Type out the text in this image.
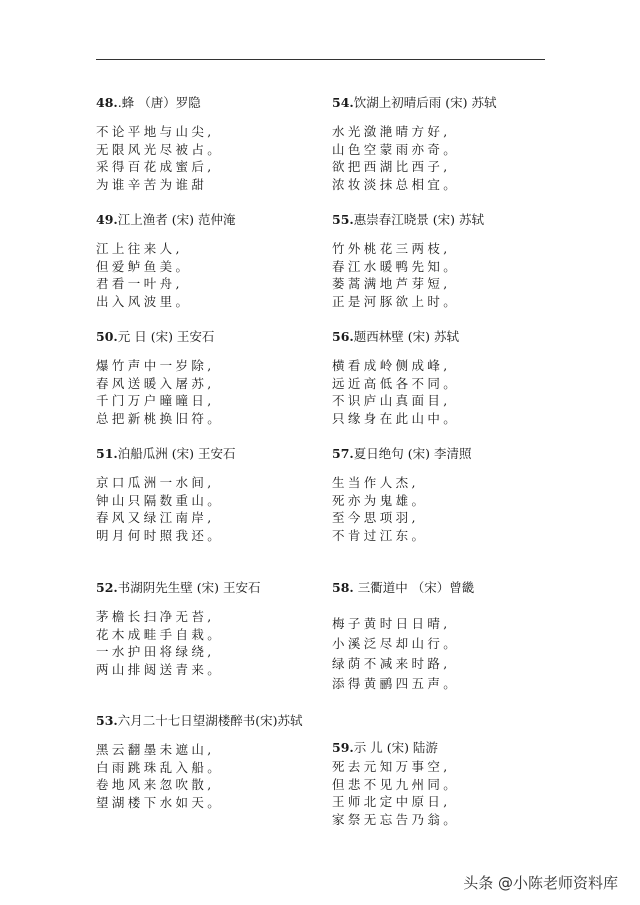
48..蜂 （唐）罗隐
不论平地与山尖,
无限风光尽被占。
采得百花成蜜后,
为谁辛苦为谁甜
49.江上渔者 (宋) 范仲淹
江上往来人,
但爱鲈鱼美。
君看一叶舟,
出入风波里。
50.元 日 (宋) 王安石
爆竹声中一岁除,
春风送暖入屠苏,
千门万户曈曈日,
总把新桃换旧符。
51.泊船瓜洲 (宋) 王安石
京口瓜洲一水间,
钟山只隔数重山。
春风又绿江南岸,
明月何时照我还。
52.书湖阴先生壁 (宋) 王安石
茅檐长扫净无苔,
花木成畦手自栽。
一水护田将绿绕,
两山排闼送青来。
53.六月二十七日望湖楼醉书(宋)苏轼
黑云翻墨未遮山,
白雨跳珠乱入船。
卷地风来忽吹散,
望湖楼下水如天。
54.饮湖上初晴后雨 (宋) 苏轼
水光潋滟晴方好,
山色空蒙雨亦奇。
欲把西湖比西子,
浓妆淡抹总相宜。
55.惠崇春江晓景 (宋) 苏轼
竹外桃花三两枝,
春江水暖鸭先知。
蒌蒿满地芦芽短,
正是河豚欲上时。
56.题西林壁 (宋) 苏轼
横看成岭侧成峰,
远近高低各不同。
不识庐山真面目,
只缘身在此山中。
57.夏日绝句 (宋) 李清照
生当作人杰,
死亦为鬼雄。
至今思项羽,
不肯过江东。
58. 三衢道中 （宋）曾畿
梅子黄时日日晴,
小溪泛尽却山行。
绿荫不减来时路,
添得黄鹂四五声。
59.示 儿 (宋) 陆游
死去元知万事空,
但悲不见九州同。
王师北定中原日,
家祭无忘告乃翁。
头条 @小陈老师资料库
